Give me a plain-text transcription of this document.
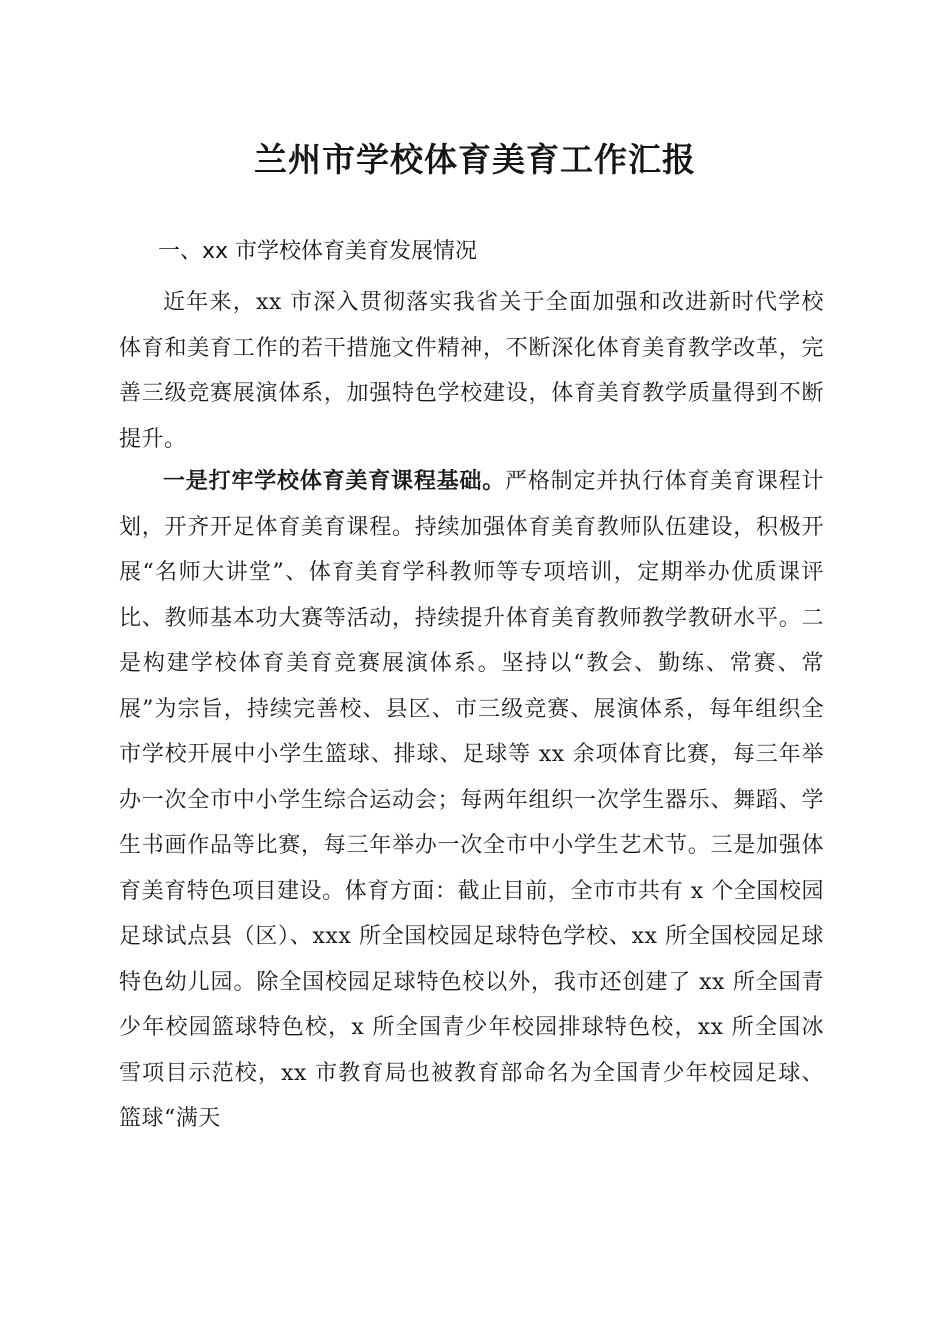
兰州市学校体育美育工作汇报
一、xx 市学校体育美育发展情况

近年来，xx 市深入贯彻落实我省关于全面加强和改进新时代学校体育和美育工作的若干措施文件精神，不断深化体育美育教学改革，完善三级竞赛展演体系，加强特色学校建设，体育美育教学质量得到不断提升。

一是打牢学校体育美育课程基础。严格制定并执行体育美育课程计划，开齐开足体育美育课程。持续加强体育美育教师队伍建设，积极开展“名师大讲堂”、体育美育学科教师等专项培训，定期举办优质课评比、教师基本功大赛等活动，持续提升体育美育教师教学教研水平。二是构建学校体育美育竞赛展演体系。坚持以“教会、勤练、常赛、常展”为宗旨，持续完善校、县区、市三级竞赛、展演体系，每年组织全市学校开展中小学生篮球、排球、足球等 xx 余项体育比赛，每三年举办一次全市中小学生综合运动会；每两年组织一次学生器乐、舞蹈、学生书画作品等比赛，每三年举办一次全市中小学生艺术节。三是加强体育美育特色项目建设。体育方面：截止目前，全市市共有 x 个全国校园足球试点县（区）、xxx 所全国校园足球特色学校、xx 所全国校园足球特色幼儿园。除全国校园足球特色校以外，我市还创建了 xx 所全国青少年校园篮球特色校，x 所全国青少年校园排球特色校，xx 所全国冰雪项目示范校，xx 市教育局也被教育部命名为全国青少年校园足球、篮球“满天
